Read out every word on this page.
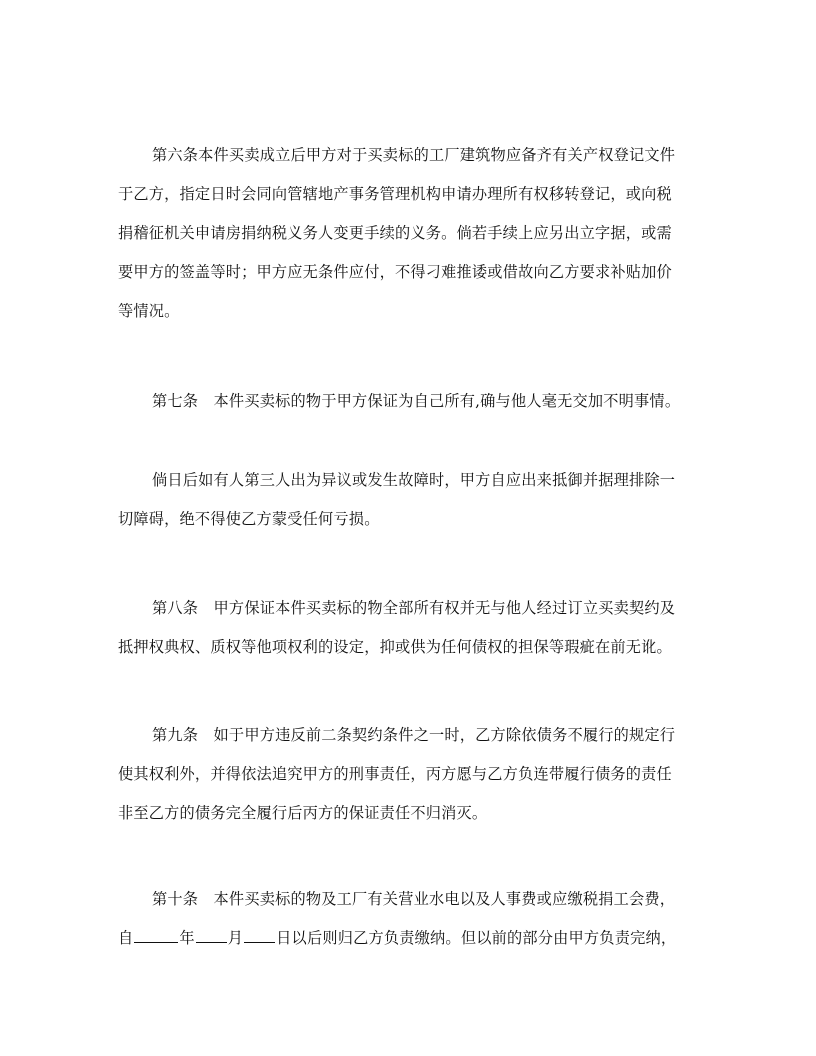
第六条本件买卖成立后甲方对于买卖标的工厂建筑物应备齐有关产权登记文件
于乙方，指定日时会同向管辖地产事务管理机构申请办理所有权移转登记，或向税
捐稽征机关申请房捐纳税义务人变更手续的义务。倘若手续上应另出立字据，或需
要甲方的签盖等时；甲方应无条件应付，不得刁难推诿或借故向乙方要求补贴加价
等情况。

第七条　本件买卖标的物于甲方保证为自己所有,确与他人毫无交加不明事情。

倘日后如有人第三人出为异议或发生故障时，甲方自应出来抵御并据理排除一
切障碍，绝不得使乙方蒙受任何亏损。

第八条　甲方保证本件买卖标的物全部所有权并无与他人经过订立买卖契约及
抵押权典权、质权等他项权利的设定，抑或供为任何债权的担保等瑕疵在前无讹。

第九条　如于甲方违反前二条契约条件之一时，乙方除依债务不履行的规定行
使其权利外，并得依法追究甲方的刑事责任，丙方愿与乙方负连带履行债务的责任
非至乙方的债务完全履行后丙方的保证责任不归消灭。

第十条　本件买卖标的物及工厂有关营业水电以及人事费或应缴税捐工会费，
自	年 月 日以后则归乙方负责缴纳。但以前的部分由甲方负责完纳，
